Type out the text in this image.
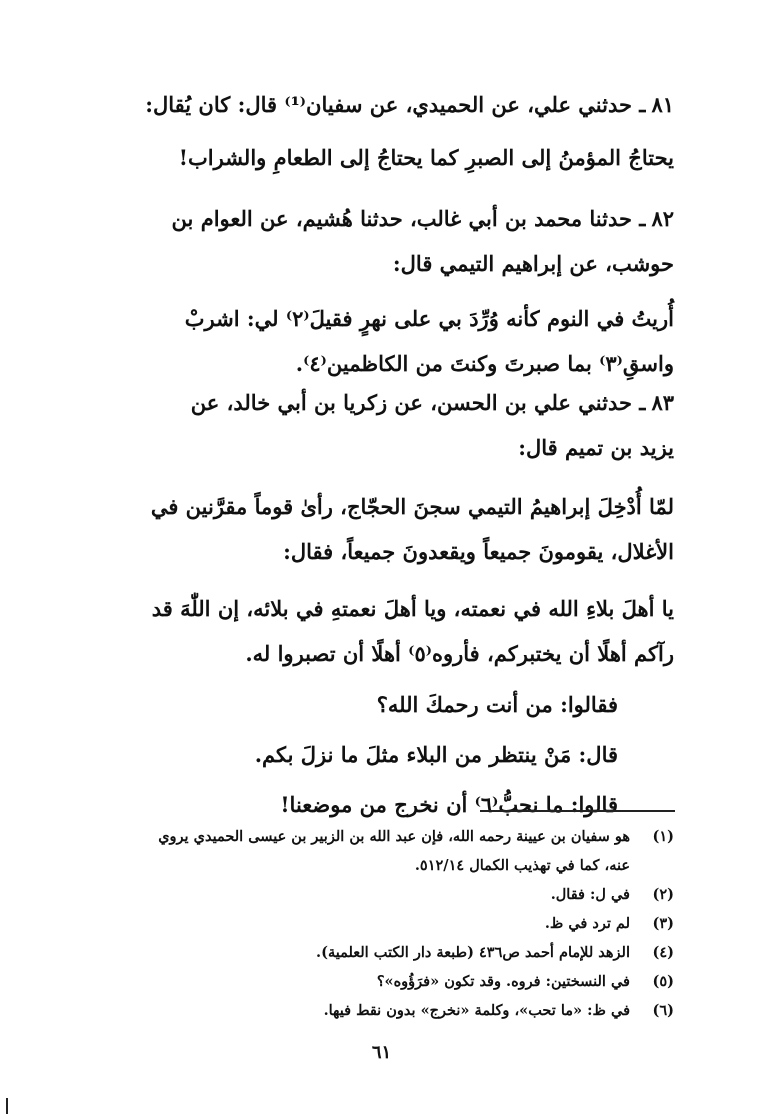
٨١ـ حدثني علي، عن الحميدي، عن سفيان⁽¹⁾ قال: كان يُقال:
يحتاجُ المؤمنُ إلى الصبرِ كما يحتاجُ إلى الطعامِ والشراب!
٨٢ـ حدثنا محمد بن أبي غالب، حدثنا هُشيم، عن العوام بن
حوشب، عن إبراهيم التيمي قال:
أُريتُ في النوم كأنه وُرِّدَ بي على نهرٍ فقيلَ⁽٢⁾ لي: اشربْ
واسقِ⁽٣⁾ بما صبرتَ وكنتَ من الكاظمين⁽٤⁾.
٨٣ـ حدثني علي بن الحسن، عن زكريا بن أبي خالد، عن
يزيد بن تميم قال:
لمّا أُدْخِلَ إبراهيمُ التيمي سجنَ الحجّاج، رأىٰ قوماً مقرَّنين في
الأغلال، يقومونَ جميعاً ويقعدونَ جميعاً، فقال:
يا أهلَ بلاءِ الله في نعمته، ويا أهلَ نعمتهِ في بلائه، إن اللّٰهَ قد
رآكم أهلًا أن يختبركم، فأروه⁽٥⁾ أهلًا أن تصبروا له.
فقالوا: من أنت رحمكَ الله؟
قال: مَنْ ينتظر من البلاء مثلَ ما نزلَ بكم.
قالوا: ما نحبُّ⁽٦⁾ أن نخرج من موضعنا!
(١)
هو سفيان بن عيينة رحمه الله، فإن عبد الله بن الزبير بن عيسى الحميدي يروي
عنه، كما في تهذيب الكمال ٥١٢/١٤.
(٢)
في ل: فقال.
(٣)
لم ترد في ظ.
(٤)
الزهد للإمام أحمد ص٤٣٦ (طبعة دار الكتب العلمية).
(٥)
في النسختين: فروه. وقد تكون «فرَؤُوه»؟
(٦)
في ظ: «ما تحب»، وكلمة «نخرج» بدون نقط فيها.
٦١
